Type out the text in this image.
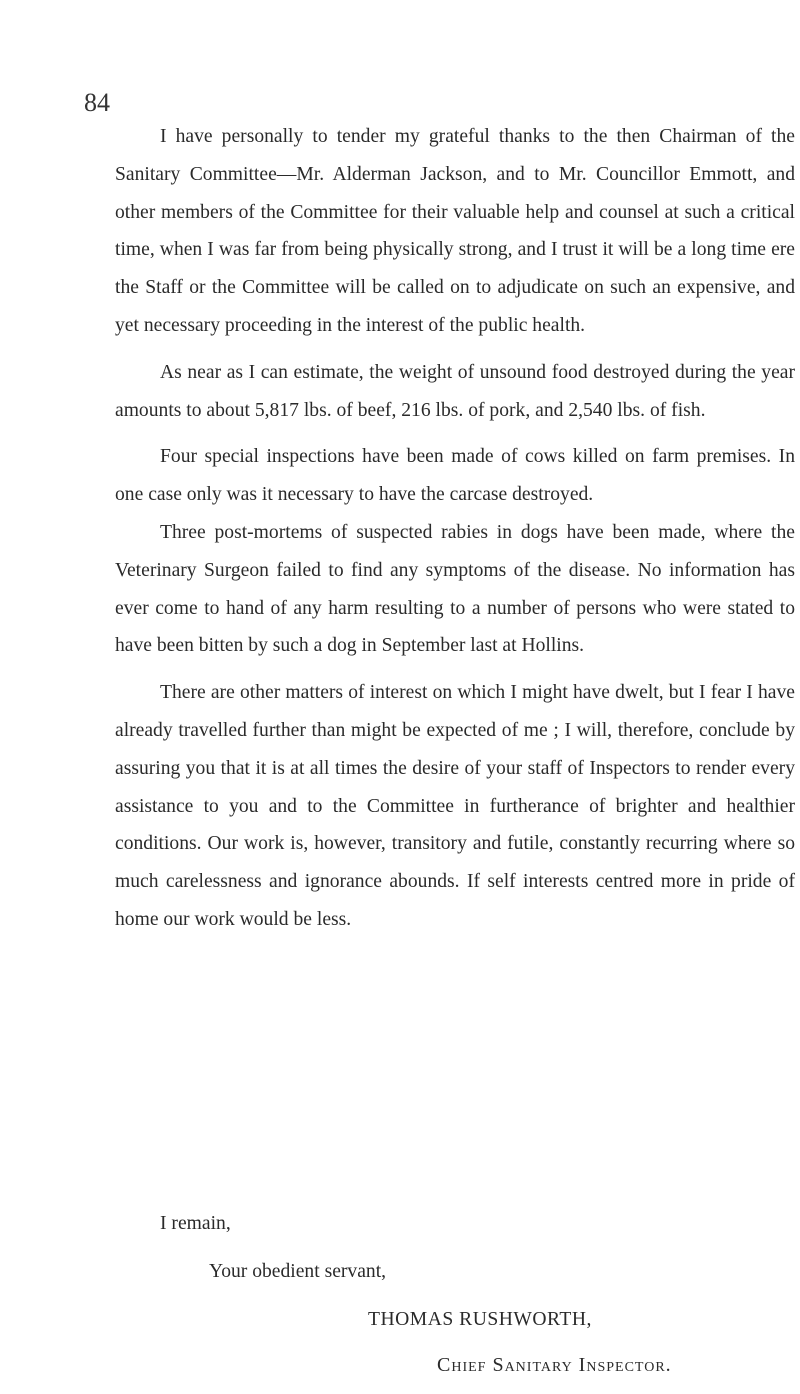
84

I have personally to tender my grateful thanks to the then Chairman of the Sanitary Committee—Mr. Alderman Jackson, and to Mr. Councillor Emmott, and other members of the Committee for their valuable help and counsel at such a critical time, when I was far from being physically strong, and I trust it will be a long time ere the Staff or the Committee will be called on to adjudicate on such an expensive, and yet necessary proceeding in the interest of the public health.

As near as I can estimate, the weight of unsound food destroyed during the year amounts to about 5,817 lbs. of beef, 216 lbs. of pork, and 2,540 lbs. of fish.

Four special inspections have been made of cows killed on farm premises. In one case only was it necessary to have the carcase destroyed.

Three post-mortems of suspected rabies in dogs have been made, where the Veterinary Surgeon failed to find any symptoms of the disease. No information has ever come to hand of any harm resulting to a number of persons who were stated to have been bitten by such a dog in September last at Hollins.

There are other matters of interest on which I might have dwelt, but I fear I have already travelled further than might be expected of me ; I will, therefore, conclude by assuring you that it is at all times the desire of your staff of Inspectors to render every assistance to you and to the Committee in furtherance of brighter and healthier conditions. Our work is, however, transitory and futile, constantly recurring where so much carelessness and ignorance abounds. If self interests centred more in pride of home our work would be less.

I remain,
Your obedient servant,
THOMAS RUSHWORTH,
Chief Sanitary Inspector.
